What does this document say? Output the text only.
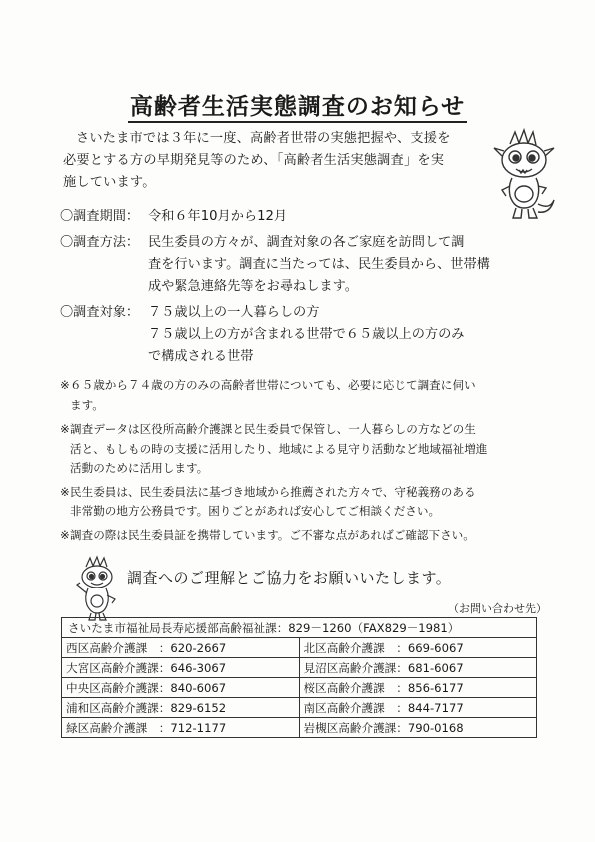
高齢者生活実態調査のお知らせ
さいたま市では３年に一度、高齢者世帯の実態把握や、支援を
必要とする方の早期発見等のため、「高齢者生活実態調査」を実
施しています。
〇調査期間： 令和６年10月から12月
〇調査方法： 民生委員の方々が、調査対象の各ご家庭を訪問して調
査を行います。調査に当たっては、民生委員から、世帯構
成や緊急連絡先等をお尋ねします。
〇調査対象： ７５歳以上の一人暮らしの方
７５歳以上の方が含まれる世帯で６５歳以上の方のみ
で構成される世帯
※ ６５歳から７４歳の方のみの高齢者世帯についても、必要に応じて調査に伺い
ます。
※ 調査データは区役所高齢介護課と民生委員で保管し、一人暮らしの方などの生
活と、もしもの時の支援に活用したり、地域による見守り活動など地域福祉増進
活動のために活用します。
※ 民生委員は、民生委員法に基づき地域から推薦された方々で、守秘義務のある
非常勤の地方公務員です。困りごとがあれば安心してご相談ください。
※ 調査の際は民生委員証を携帯しています。ご不審な点があればご確認下さい。
調査へのご理解とご協力をお願いいたします。
（お問い合わせ先）
さいたま市福祉局長寿応援部高齢福祉課：829－1260（FAX829－1981）	
西区高齢介護課　 ：620-2667	北区高齢介護課　 ：669-6067
大宮区高齢介護課：646-3067	見沼区高齢介護課：681-6067
中央区高齢介護課：840-6067	桜区高齢介護課　 ：856-6177
浦和区高齢介護課：829-6152	南区高齢介護課　 ：844-7177
緑区高齢介護課　 ：712-1177	岩槻区高齢介護課：790-0168
